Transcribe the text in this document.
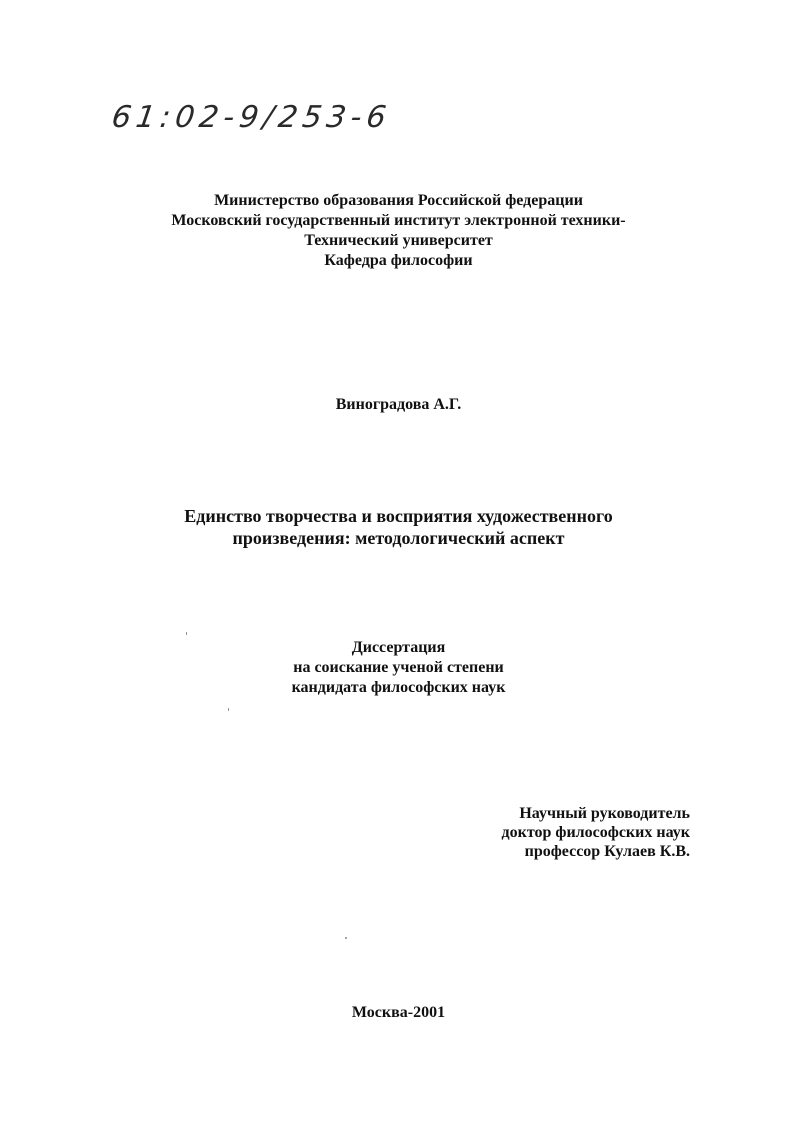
61:02-9/253-6
Министерство образования Российской федерации
Московский государственный институт электронной техники-
Технический университет
Кафедра философии
Виноградова А.Г.
Единство творчества и восприятия художественного
произведения: методологический аспект
Диссертация
на соискание ученой степени
кандидата философских наук
Научный руководитель
доктор философских наук
профессор Кулаев К.В.
Москва-2001
